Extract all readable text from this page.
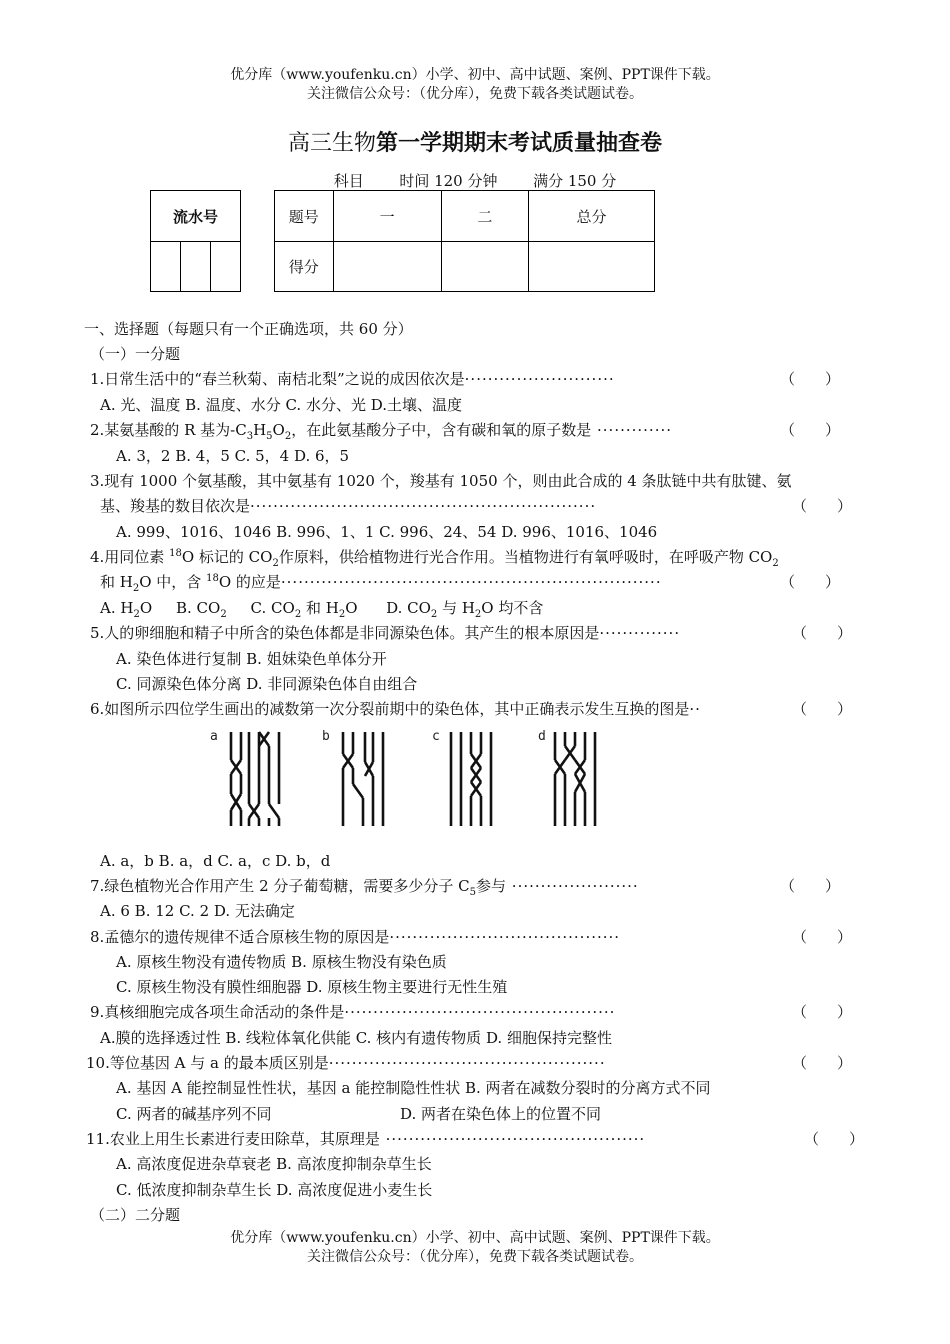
优分库（www.youfenku.cn）小学、初中、高中试题、案例、PPT课件下载。
关注微信公众号：（优分库），免费下载各类试题试卷。
高三生物第一学期期末考试质量抽查卷
科目 时间 120 分钟 满分 150 分
流水号
			题号	一	二	总分
得分			
一、选择题（每题只有一个正确选项，共 60 分）
（一）一分题
1.日常生活中的“春兰秋菊、南桔北梨”之说的成因依次是··························	（　　）
A. 光、温度 B. 温度、水分 C. 水分、光 D.土壤、温度
2.某氨基酸的 R 基为$-C_3H_5O_2$，在此氨基酸分子中，含有碳和氧的原子数是 ·············	（　　）
A. 3，2 B. 4，5 C. 5，4 D. 6，5
3.现有 1000 个氨基酸，其中氨基有 1020 个，羧基有 1050 个，则由此合成的 4 条肽链中共有肽键、氨
基、羧基的数目依次是····························································	（　　）
A. 999、1016、1046 B. 996、1、1 C. 996、24、54 D. 996、1016、1046
4.用同位素 $^{18}$O 标记的 $CO_2$作原料，供给植物进行光合作用。当植物进行有氧呼吸时，在呼吸产物 $CO_2$
和 $H_2O$ 中，含 $^{18}$O 的应是··································································	（　　）
A. $H_2O$ B. $CO_2$ C. $CO_2$ 和 $H_2O$ D. $CO_2$ 与 $H_2O$ 均不含
5.人的卵细胞和精子中所含的染色体都是非同源染色体。其产生的根本原因是··············	（　　）
A. 染色体进行复制 B. 姐妹染色单体分开
C. 同源染色体分离 D. 非同源染色体自由组合
6.如图所示四位学生画出的减数第一次分裂前期中的染色体，其中正确表示发生互换的图是··	（　　）
a	b	c	d
A. a，b B. a，d C. a，c D. b，d
7.绿色植物光合作用产生 2 分子葡萄糖，需要多少分子 $C_5$参与 ······················	（　　）
A. 6 B. 12 C. 2 D. 无法确定
8.孟德尔的遗传规律不适合原核生物的原因是········································	（　　）
A. 原核生物没有遗传物质 B. 原核生物没有染色质
C. 原核生物没有膜性细胞器 D. 原核生物主要进行无性生殖
9.真核细胞完成各项生命活动的条件是···············································	（　　）
A.膜的选择透过性 B. 线粒体氧化供能 C. 核内有遗传物质 D. 细胞保持完整性
10.等位基因 A 与 a 的最本质区别是················································	（　　）
A. 基因 A 能控制显性性状，基因 a 能控制隐性性状 B. 两者在减数分裂时的分离方式不同
C. 两者的碱基序列不同	D. 两者在染色体上的位置不同
11.农业上用生长素进行麦田除草，其原理是 ·············································	（　　）
A. 高浓度促进杂草衰老 B. 高浓度抑制杂草生长
C. 低浓度抑制杂草生长 D. 高浓度促进小麦生长
（二）二分题
优分库（www.youfenku.cn）小学、初中、高中试题、案例、PPT课件下载。
关注微信公众号：（优分库），免费下载各类试题试卷。
